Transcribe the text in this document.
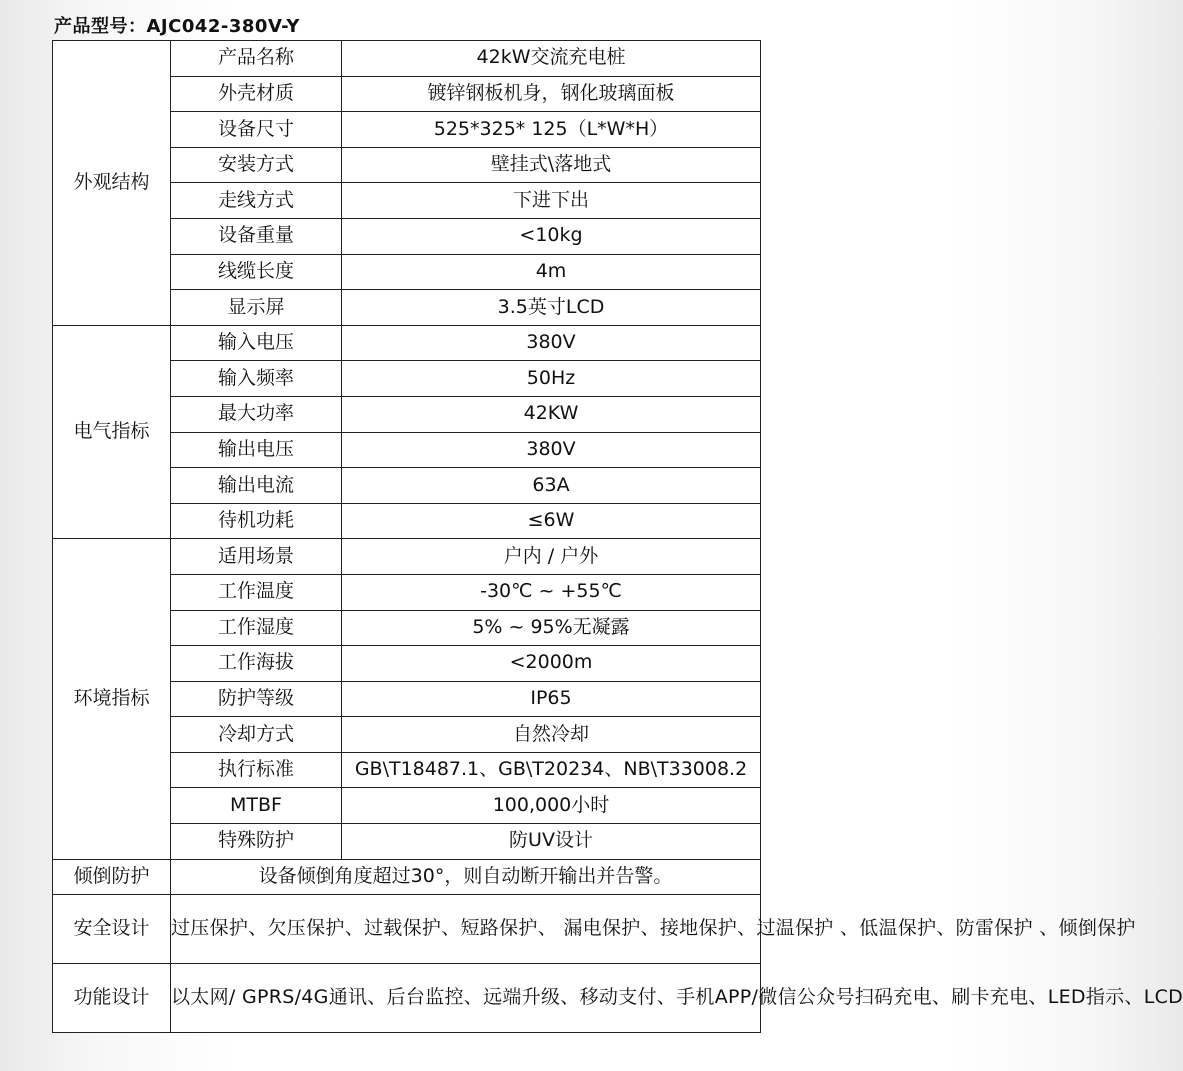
产品型号：AJC042-380V-Y
外观结构	产品名称	42kW交流充电桩
	外壳材质	镀锌钢板机身，钢化玻璃面板
	设备尺寸	525*325* 125（L*W*H）
	安装方式	壁挂式\落地式
	走线方式	下进下出
	设备重量	<10kg
	线缆长度	4m
	显示屏	3.5英寸LCD
电气指标	输入电压	380V
	输入频率	50Hz
	最大功率	42KW
	输出电压	380V
	输出电流	63A
	待机功耗	≤6W
环境指标	适用场景	户内 / 户外
	工作温度	-30℃ ~ +55℃
	工作湿度	5% ~ 95%无凝露
	工作海拔	<2000m
	防护等级	IP65
	冷却方式	自然冷却
	执行标准	GB\T18487.1、GB\T20234、NB\T33008.2
	MTBF	100,000小时
	特殊防护	防UV设计
倾倒防护	设备倾倒角度超过30°，则自动断开输出并告警。	
安全设计	过压保护、欠压保护、过载保护、短路保护、 漏电保护、接地保护、过温保护 、低温保护、防雷保护 、倾倒保护	
功能设计	以太网/ GPRS/4G通讯、后台监控、远端升级、移动支付、手机APP/微信公众号扫码充电、刷卡充电、LED指示、LCD	
